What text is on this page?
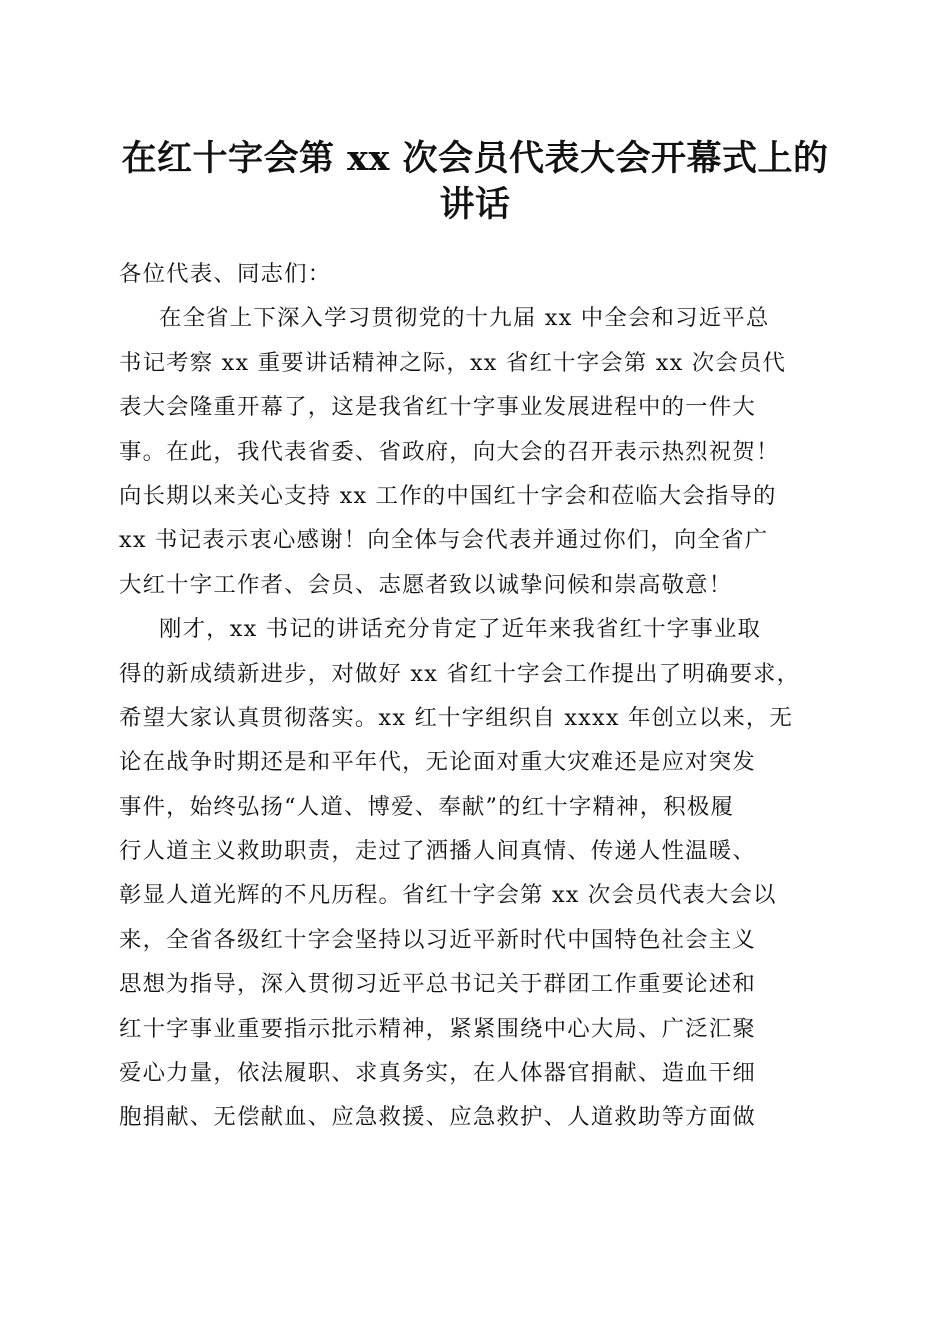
在红十字会第 xx 次会员代表大会开幕式上的
讲话
各位代表、同志们：
在全省上下深入学习贯彻党的十九届 xx 中全会和习近平总
书记考察 xx 重要讲话精神之际，xx 省红十字会第 xx 次会员代
表大会隆重开幕了，这是我省红十字事业发展进程中的一件大
事。在此，我代表省委、省政府，向大会的召开表示热烈祝贺！
向长期以来关心支持 xx 工作的中国红十字会和莅临大会指导的
xx 书记表示衷心感谢！向全体与会代表并通过你们，向全省广
大红十字工作者、会员、志愿者致以诚挚问候和崇高敬意！
刚才，xx 书记的讲话充分肯定了近年来我省红十字事业取
得的新成绩新进步，对做好 xx 省红十字会工作提出了明确要求，
希望大家认真贯彻落实。xx 红十字组织自 xxxx 年创立以来，无
论在战争时期还是和平年代，无论面对重大灾难还是应对突发
事件，始终弘扬“人道、博爱、奉献”的红十字精神，积极履
行人道主义救助职责，走过了洒播人间真情、传递人性温暖、
彰显人道光辉的不凡历程。省红十字会第 xx 次会员代表大会以
来，全省各级红十字会坚持以习近平新时代中国特色社会主义
思想为指导，深入贯彻习近平总书记关于群团工作重要论述和
红十字事业重要指示批示精神，紧紧围绕中心大局、广泛汇聚
爱心力量，依法履职、求真务实，在人体器官捐献、造血干细
胞捐献、无偿献血、应急救援、应急救护、人道救助等方面做
